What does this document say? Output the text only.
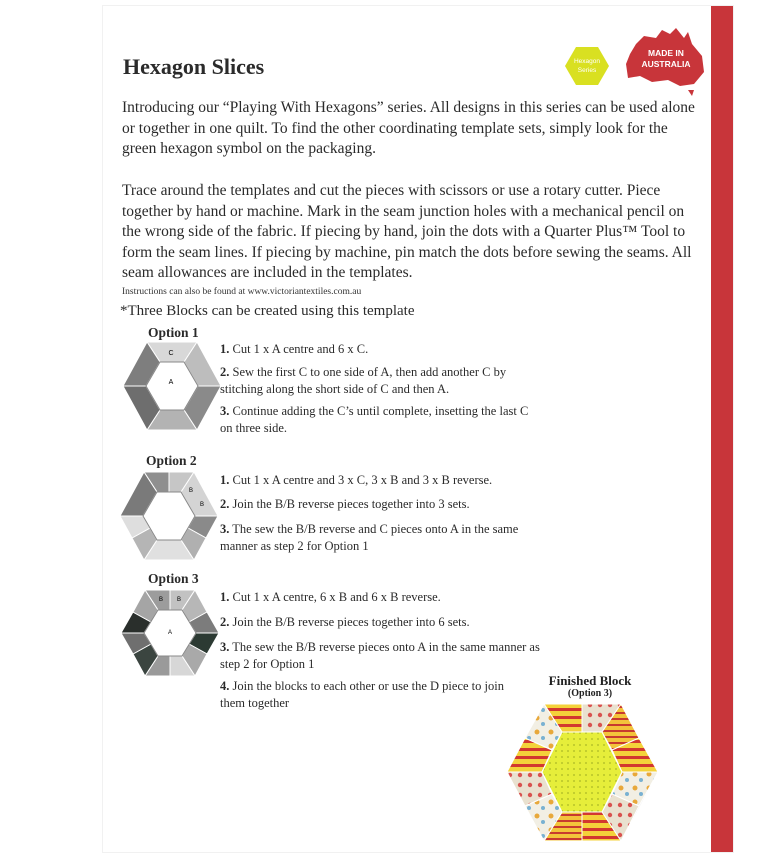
Hexagon Slices	Hexagon
Series
MADE IN
AUSTRALIA

Introducing our “Playing With Hexagons” series. All designs in this series can be used alone or together in one quilt. To find the other coordinating template sets, simply look for the green hexagon symbol on the packaging.

Trace around the templates and cut the pieces with scissors or use a rotary cutter. Piece together by hand or machine. Mark in the seam junction holes with a mechanical pencil on the wrong side of the fabric. If piecing by hand, join the dots with a Quarter Plus™ Tool to form the seam lines. If piecing by machine, pin match the dots before sewing the seams. All seam allowances are included in the templates.

Instructions can also be found at www.victoriantextiles.com.au

*Three Blocks can be created using this template

Option 1

C
A

1. Cut 1 x A centre and 6 x C.

2. Sew the first C to one side of A, then add another C by stitching along the short side of C and then A.

3. Continue adding the C’s until complete, insetting the last C on three side.

Option 2

B
B

1. Cut 1 x A centre and 3 x C, 3 x B and 3 x B reverse.

2. Join the B/B reverse pieces together into 3 sets.

3. The sew the B/B reverse and C pieces onto A in the same manner as step 2 for Option 1

Option 3

B B
A

1. Cut 1 x A centre, 6 x B and 6 x B reverse.

2. Join the B/B reverse pieces together into 6 sets.

3. The sew the B/B reverse pieces onto A in the same manner as step 2 for Option 1

4. Join the blocks to each other or use the D piece to join them together

Finished Block

(Option 3)
